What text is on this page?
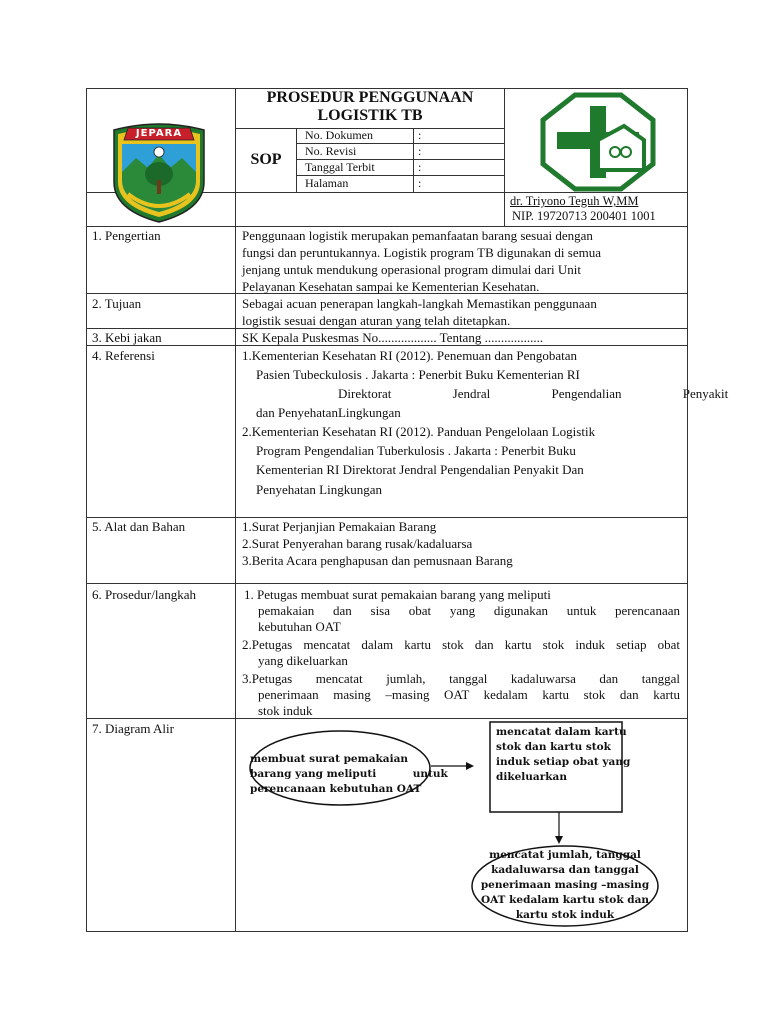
PROSEDUR PENGGUNAAN
LOGISTIK TB
SOP
No. Dokumen	:
No. Revisi	:
Tanggal Terbit	:
Halaman	:
JEPARA
dr. Triyono Teguh W,MM
NIP. 19720713 200401 1001
1. Pengertian	Penggunaan logistik merupakan pemanfaatan barang sesuai dengan
fungsi dan peruntukannya. Logistik program TB digunakan di semua
jenjang untuk mendukung operasional program dimulai dari Unit
Pelayanan Kesehatan sampai ke Kementerian Kesehatan.
2. Tujuan	Sebagai acuan penerapan langkah-langkah Memastikan penggunaan
logistik sesuai dengan aturan yang telah ditetapkan.
3. Kebi jakan	SK Kepala Puskesmas No.................. Tentang ..................
4. Referensi	1.Kementerian Kesehatan RI (2012). Penemuan dan Pengobatan
Pasien Tubeckulosis . Jakarta : Penerbit Buku Kementerian RI
Direktorat Jendral Pengendalian Penyakit
dan PenyehatanLingkungan
2.Kementerian Kesehatan RI (2012). Panduan Pengelolaan Logistik
Program Pengendalian Tuberkulosis . Jakarta : Penerbit Buku
Kementerian RI Direktorat Jendral Pengendalian Penyakit Dan
Penyehatan Lingkungan
5. Alat dan Bahan	1.Surat Perjanjian Pemakaian Barang
2.Surat Penyerahan barang rusak/kadaluarsa
3.Berita Acara penghapusan dan pemusnaan Barang
6. Prosedur/langkah	1. Petugas membuat surat pemakaian barang yang meliputi
pemakaian dan sisa obat yang digunakan untuk perencanaan
kebutuhan OAT
2.Petugas mencatat dalam kartu stok dan kartu stok induk setiap obat
yang dikeluarkan
3.Petugas mencatat jumlah, tanggal kadaluwarsa dan tanggal
penerimaan masing –masing OAT kedalam kartu stok dan kartu
stok induk
7. Diagram Alir
membuat surat pemakaian
barang yang meliputi          untuk
perencanaan kebutuhan OAT
mencatat dalam kartu
stok dan kartu stok
induk setiap obat yang
dikeluarkan
mencatat jumlah, tanggal
kadaluwarsa dan tanggal
penerimaan masing –masing
OAT kedalam kartu stok dan
kartu stok induk
